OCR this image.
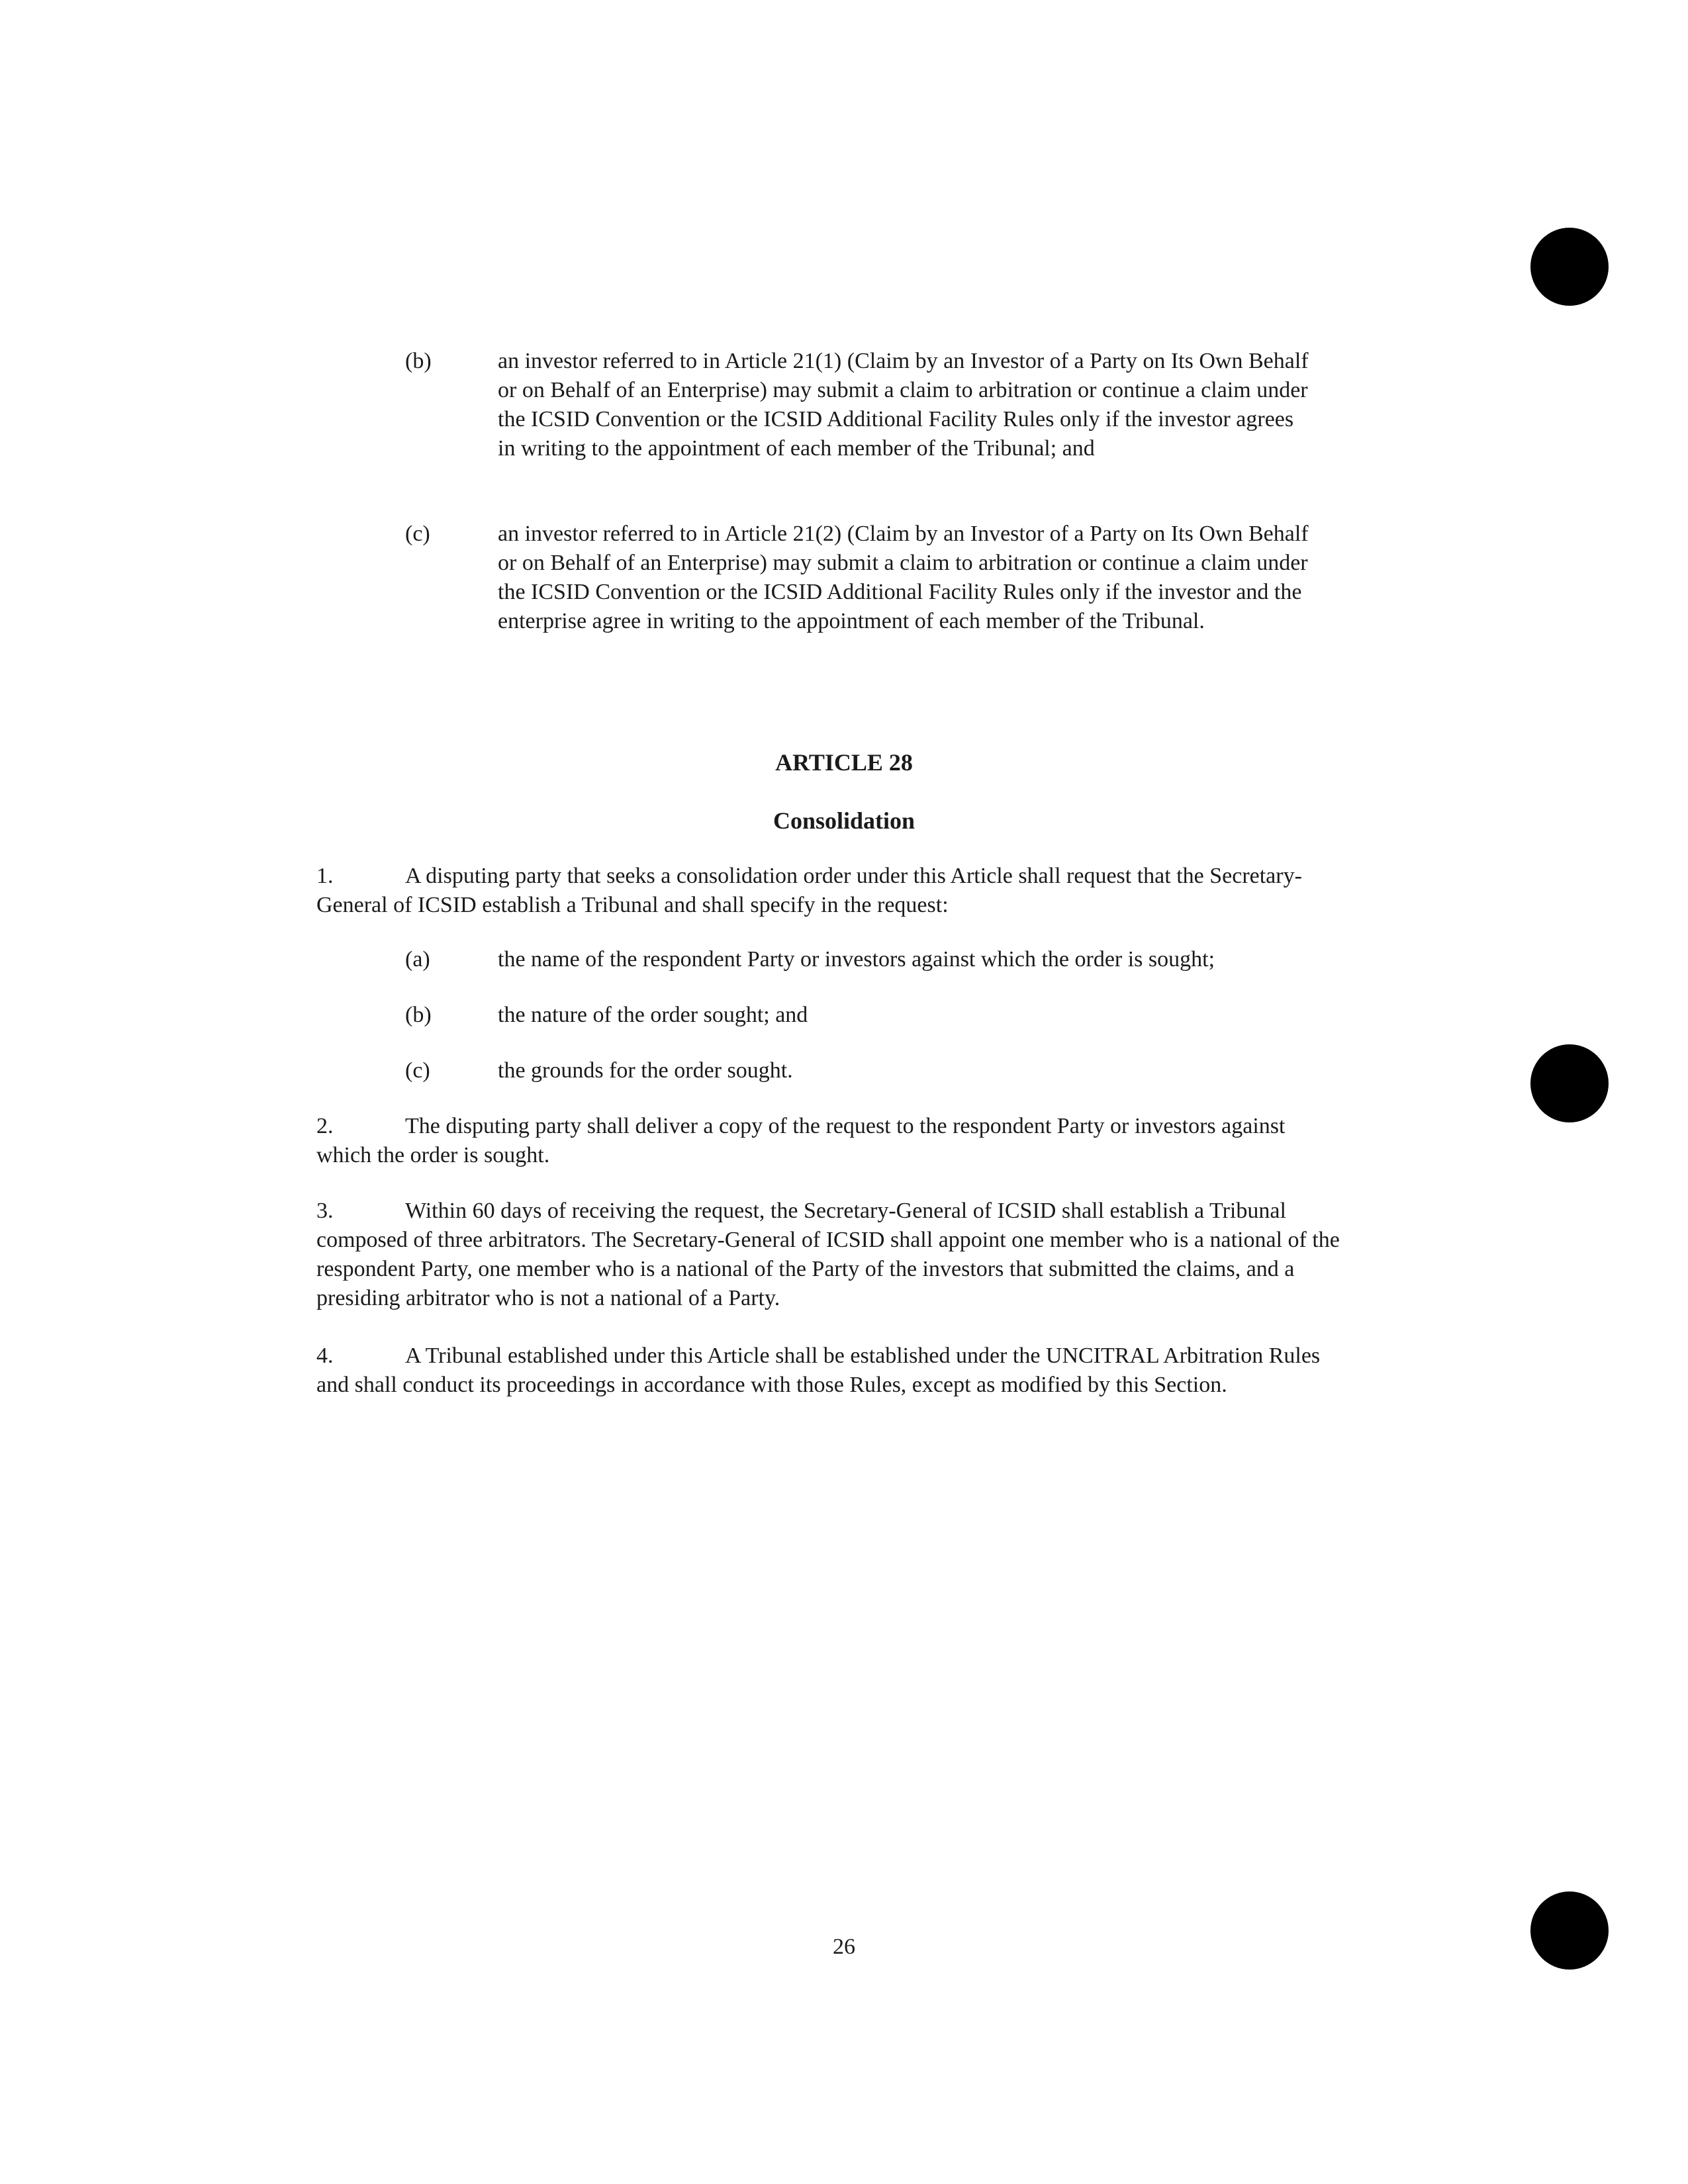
(b)	an investor referred to in Article 21(1) (Claim by an Investor of a Party on Its Own Behalf or on Behalf of an Enterprise) may submit a claim to arbitration or continue a claim under the ICSID Convention or the ICSID Additional Facility Rules only if the investor agrees in writing to the appointment of each member of the Tribunal; and
(c)	an investor referred to in Article 21(2) (Claim by an Investor of a Party on Its Own Behalf or on Behalf of an Enterprise) may submit a claim to arbitration or continue a claim under the ICSID Convention or the ICSID Additional Facility Rules only if the investor and the enterprise agree in writing to the appointment of each member of the Tribunal.
ARTICLE 28
Consolidation
1.	A disputing party that seeks a consolidation order under this Article shall request that the Secretary-General of ICSID establish a Tribunal and shall specify in the request:
(a)	the name of the respondent Party or investors against which the order is sought;
(b)	the nature of the order sought; and
(c)	the grounds for the order sought.
2.	The disputing party shall deliver a copy of the request to the respondent Party or investors against which the order is sought.
3.	Within 60 days of receiving the request, the Secretary-General of ICSID shall establish a Tribunal composed of three arbitrators. The Secretary-General of ICSID shall appoint one member who is a national of the respondent Party, one member who is a national of the Party of the investors that submitted the claims, and a presiding arbitrator who is not a national of a Party.
4.	A Tribunal established under this Article shall be established under the UNCITRAL Arbitration Rules and shall conduct its proceedings in accordance with those Rules, except as modified by this Section.
26
